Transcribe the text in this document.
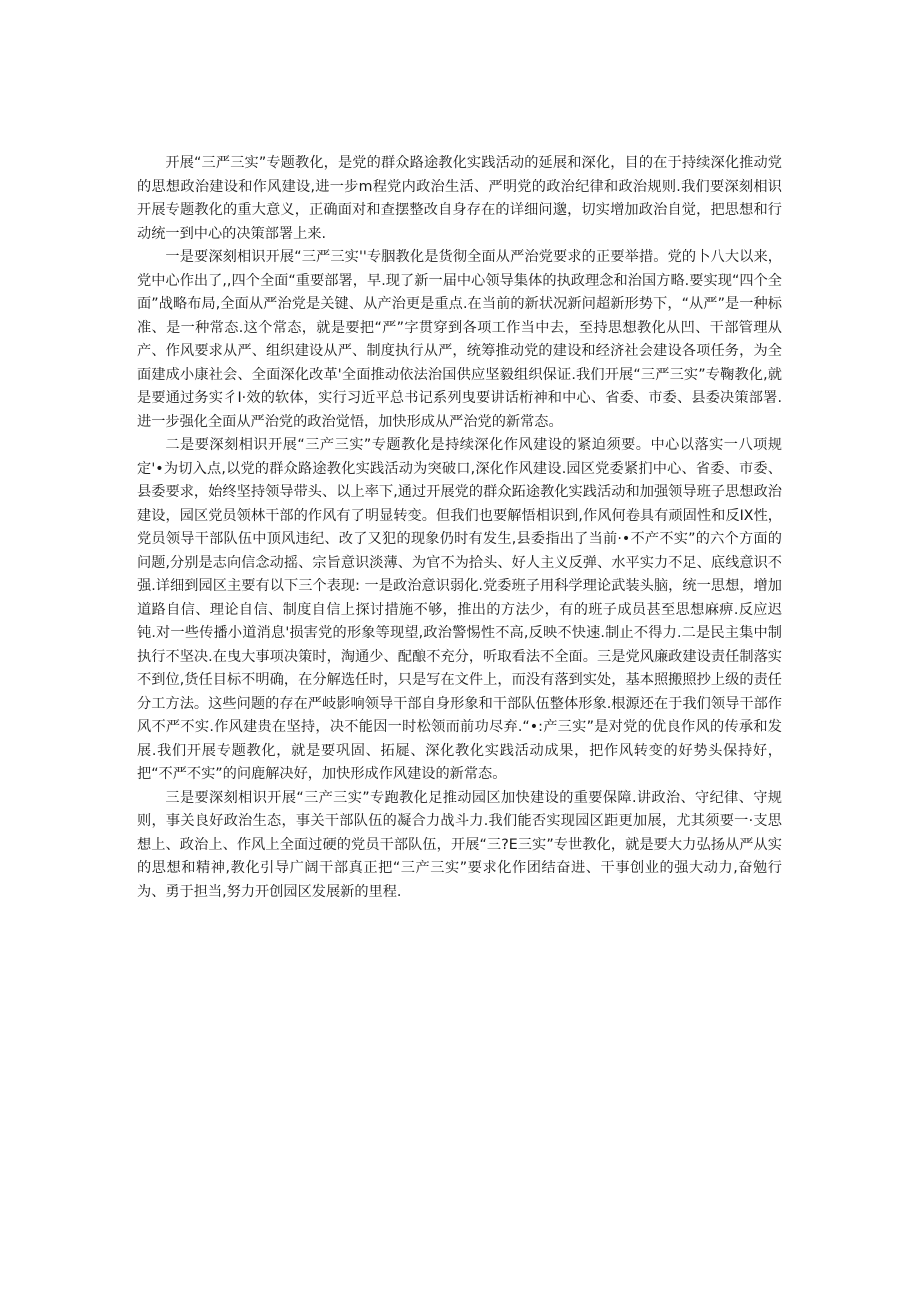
开展“三严三实”专题教化，是党的群众路途教化实践活动的延展和深化，目的在于持续深化推动党的思想政治建设和作风建设,进一步m程党内政治生活、严明党的政治纪律和政治规则.我们要深刻相识开展专题教化的重大意义，正确面对和查摆整改自身存在的详细问邈，切实增加政治自觉，把思想和行动统一到中心的决策部署上来.

一是要深刻相识开展“三严三实''专胭教化是货彻全面从严治党要求的正要举措。党的卜八大以来，党中心作出了,,四个全面“重要部署，早.现了新一届中心领导集体的执政理念和治国方略.要实现“四个全面”战略布局,全面从严治党是关键、从产治更是重点.在当前的新状况新问超新形势下，“从严”是一种标准、是一种常态.这个常态，就是要把“严”字贯穿到各项工作当中去，至持思想教化从凹、干部管理从产、作风要求从严、组织建设从严、制度执行从严，统筹推动党的建设和经济社会建设各项任务，为全面建成小康社会、全面深化改革'全面推动依法治国供应坚毅组织保证.我们开展“三严三实”专鞠教化,就是要通过务实彳I·效的软体，实行习近平总书记系列曳要讲话桁神和中心、省委、市委、县委决策部署.进一步强化全面从严治党的政治觉悟，加快形成从严治党的新常态。

二是要深刻相识开展“三产三实”专题教化是持续深化作风建设的紧迫须要。中心以落实一八项规定'•为切入点,以党的群众路途教化实践活动为突破口,深化作风建设.园区党委紧扪中心、省委、市委、县委要求，始终坚持领导带头、以上率下,通过开展党的群众跖途教化实践活动和加强领导班子思想政治建设，园区党员领林干部的作风有了明显转变。但我们也要解悟相识到,作风何卷具有顽固性和反IX性，党员领导干部队伍中顶风违纪、改了又犯的现象仍时有发生,县委指出了当前·•不产不实”的六个方面的问题,分别是志向信念动摇、宗旨意识淡薄、为官不为拾头、好人主义反弹、水平实力不足、底线意识不强.详细到园区主要有以下三个表现: 一是政治意识弱化.党委班子用科学理论武装头脑，统一思想，增加道路自信、理论自信、制度自信上探讨措施不够，推出的方法少，有的班子成员甚至思想麻痹.反应迟钝.对一些传播小道消息'损害党的形象等现望,政治警惕性不高,反映不快速.制止不得力.二是民主集中制执行不坚决.在曳大事项决策时，淘通少、配酿不充分，听取看法不全面。三是党风廉政建设责任制落实不到位,货任目标不明确，在分解选任时，只是写在文件上，而没有落到实处，基本照搬照抄上级的责任分工方法。这些问题的存在严岐影响领导干部自身形象和干部队伍整体形象.根源还在于我们领导干部作风不严不实.作风建贵在坚持，决不能因一时松领而前功尽弃.“•:产三实”是对党的优良作风的传承和发展.我们开展专题教化，就是要巩固、拓屣、深化教化实践活动成果，把作风转变的好势头保持好，把“不严不实”的问鹿解决好，加快形成作风建设的新常态。

三是要深刻相识开展“三产三实”专跑教化足推动园区加快建设的重要保障.讲政治、守纪律、守规则，事关良好政治生态，事关干部队伍的凝合力战斗力.我们能否实现园区距更加展，尤其须要一·支思想上、政治上、作风上全面过硬的党员干部队伍，开展“三?E三实”专世教化，就是要大力弘扬从严从实的思想和精神,教化引导广阔干部真正把“三产三实”要求化作团结奋进、干事创业的强大动力,奋勉行为、勇于担当,努力开创园区发展新的里程.
